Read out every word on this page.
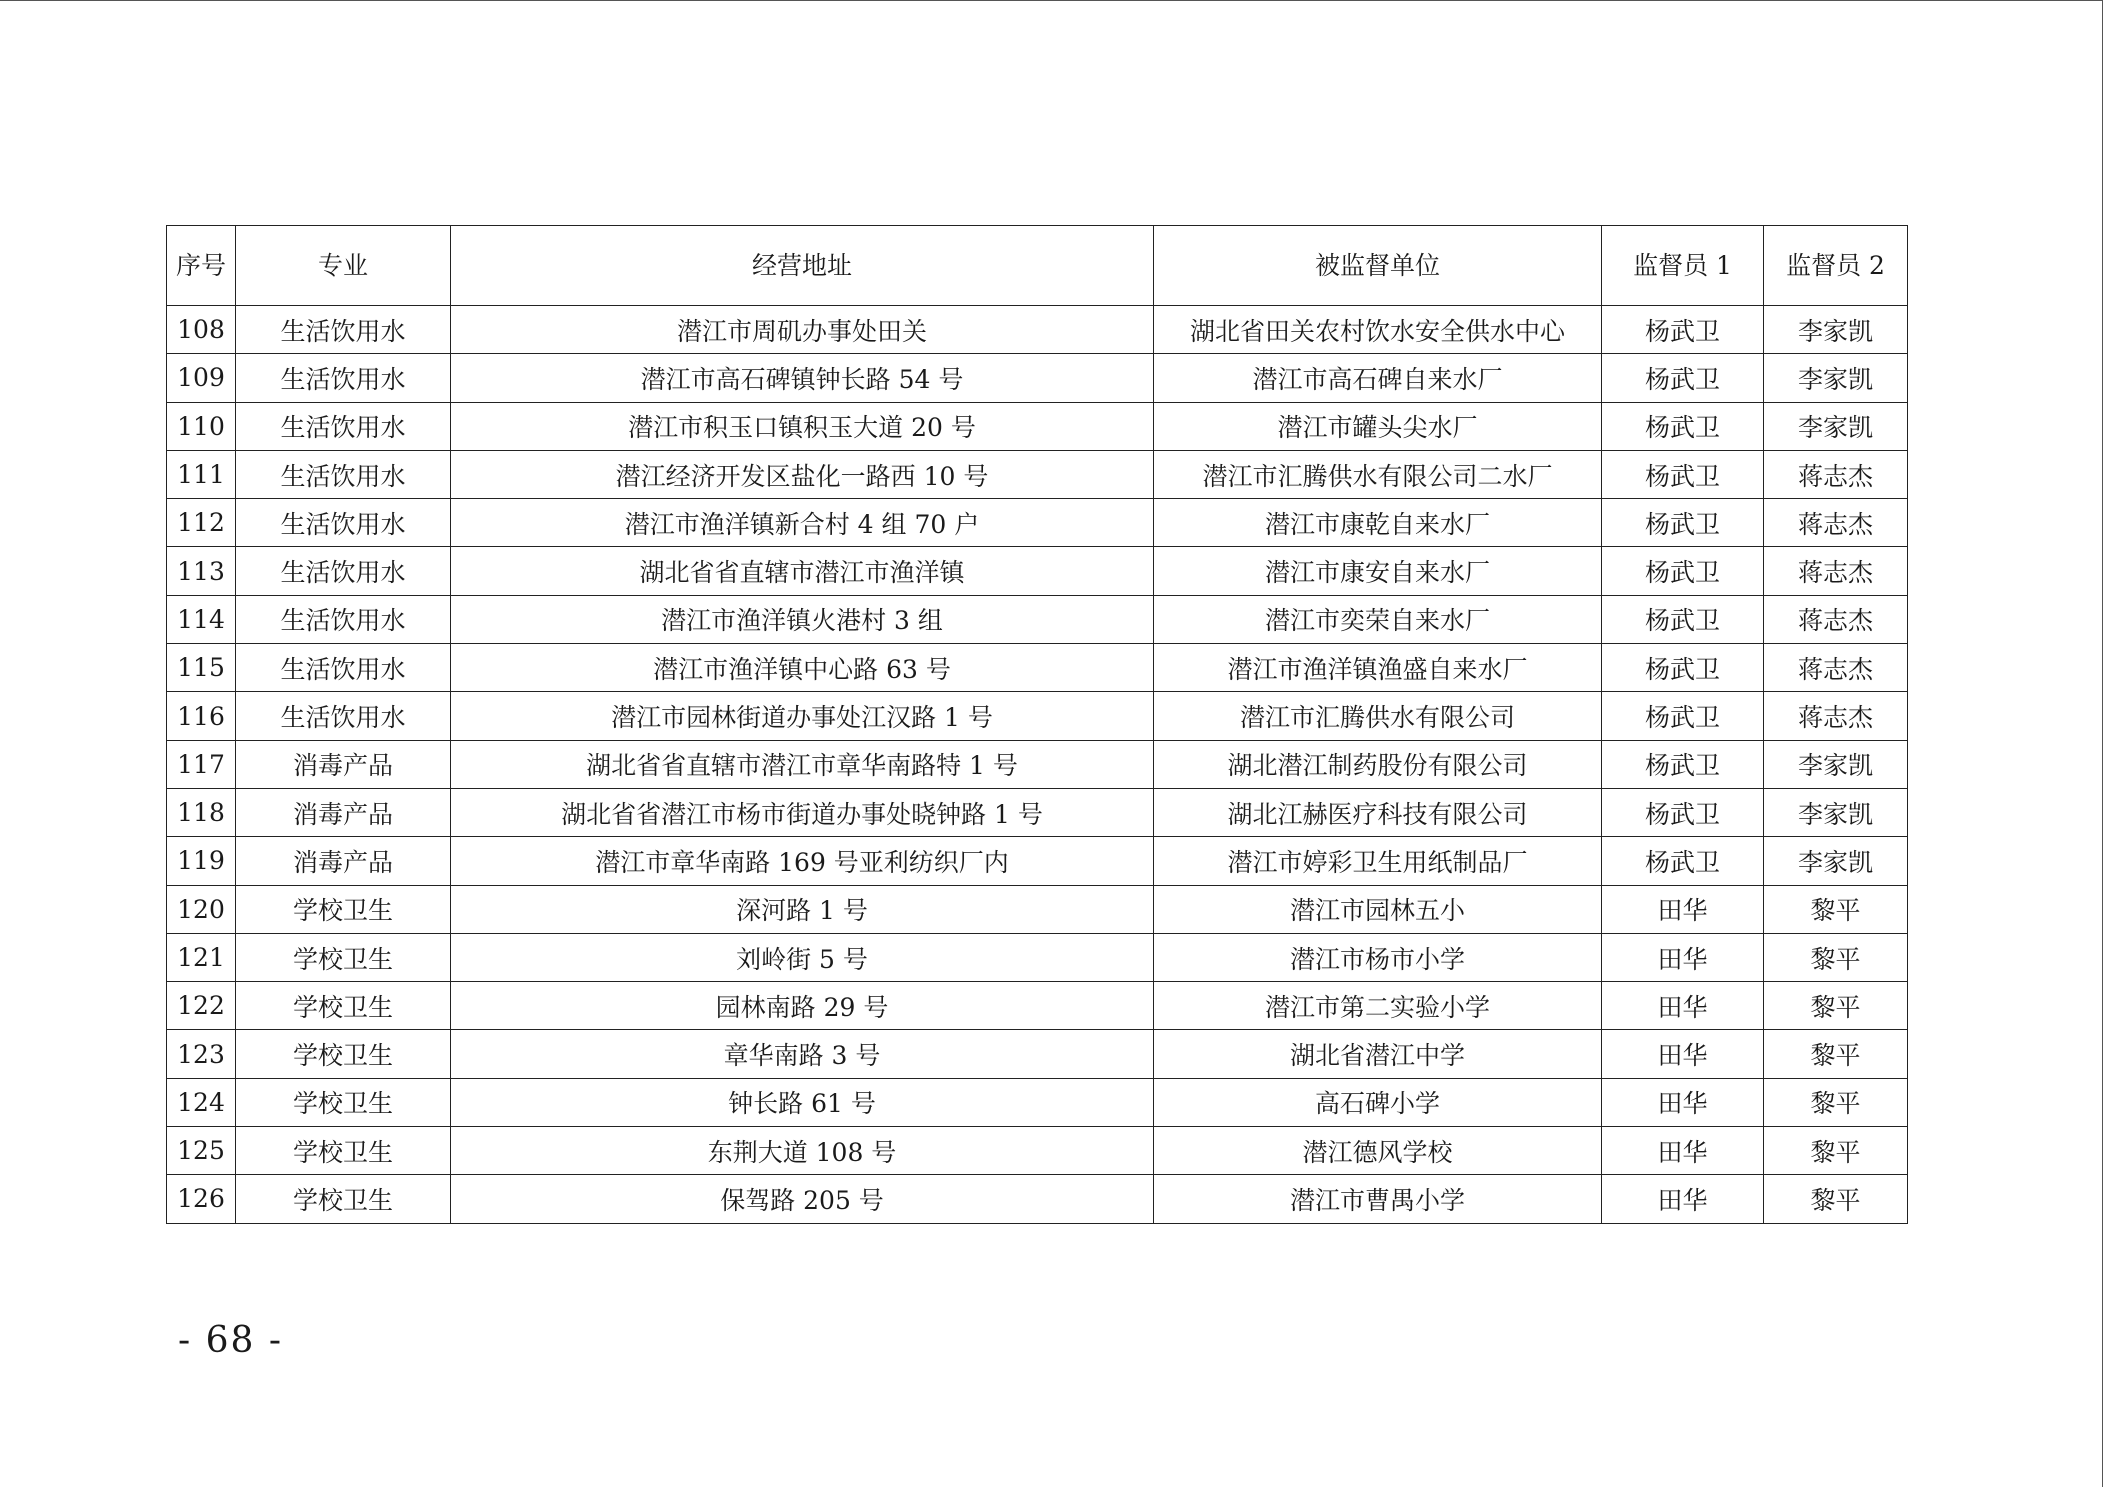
序号	专业	经营地址	被监督单位	监督员 1	监督员 2
108	生活饮用水	潜江市周矶办事处田关	湖北省田关农村饮水安全供水中心	杨武卫	李家凯
109	生活饮用水	潜江市高石碑镇钟长路 54 号	潜江市高石碑自来水厂	杨武卫	李家凯
110	生活饮用水	潜江市积玉口镇积玉大道 20 号	潜江市罐头尖水厂	杨武卫	李家凯
111	生活饮用水	潜江经济开发区盐化一路西 10 号	潜江市汇腾供水有限公司二水厂	杨武卫	蒋志杰
112	生活饮用水	潜江市渔洋镇新合村 4 组 70 户	潜江市康乾自来水厂	杨武卫	蒋志杰
113	生活饮用水	湖北省省直辖市潜江市渔洋镇	潜江市康安自来水厂	杨武卫	蒋志杰
114	生活饮用水	潜江市渔洋镇火港村 3 组	潜江市奕荣自来水厂	杨武卫	蒋志杰
115	生活饮用水	潜江市渔洋镇中心路 63 号	潜江市渔洋镇渔盛自来水厂	杨武卫	蒋志杰
116	生活饮用水	潜江市园林街道办事处江汉路 1 号	潜江市汇腾供水有限公司	杨武卫	蒋志杰
117	消毒产品	湖北省省直辖市潜江市章华南路特 1 号	湖北潜江制药股份有限公司	杨武卫	李家凯
118	消毒产品	湖北省省潜江市杨市街道办事处晓钟路 1 号	湖北江赫医疗科技有限公司	杨武卫	李家凯
119	消毒产品	潜江市章华南路 169 号亚利纺织厂内	潜江市婷彩卫生用纸制品厂	杨武卫	李家凯
120	学校卫生	深河路 1 号	潜江市园林五小	田华	黎平
121	学校卫生	刘岭街 5 号	潜江市杨市小学	田华	黎平
122	学校卫生	园林南路 29 号	潜江市第二实验小学	田华	黎平
123	学校卫生	章华南路 3 号	湖北省潜江中学	田华	黎平
124	学校卫生	钟长路 61 号	高石碑小学	田华	黎平
125	学校卫生	东荆大道 108 号	潜江德风学校	田华	黎平
126	学校卫生	保驾路 205 号	潜江市曹禺小学	田华	黎平
- 68 -
